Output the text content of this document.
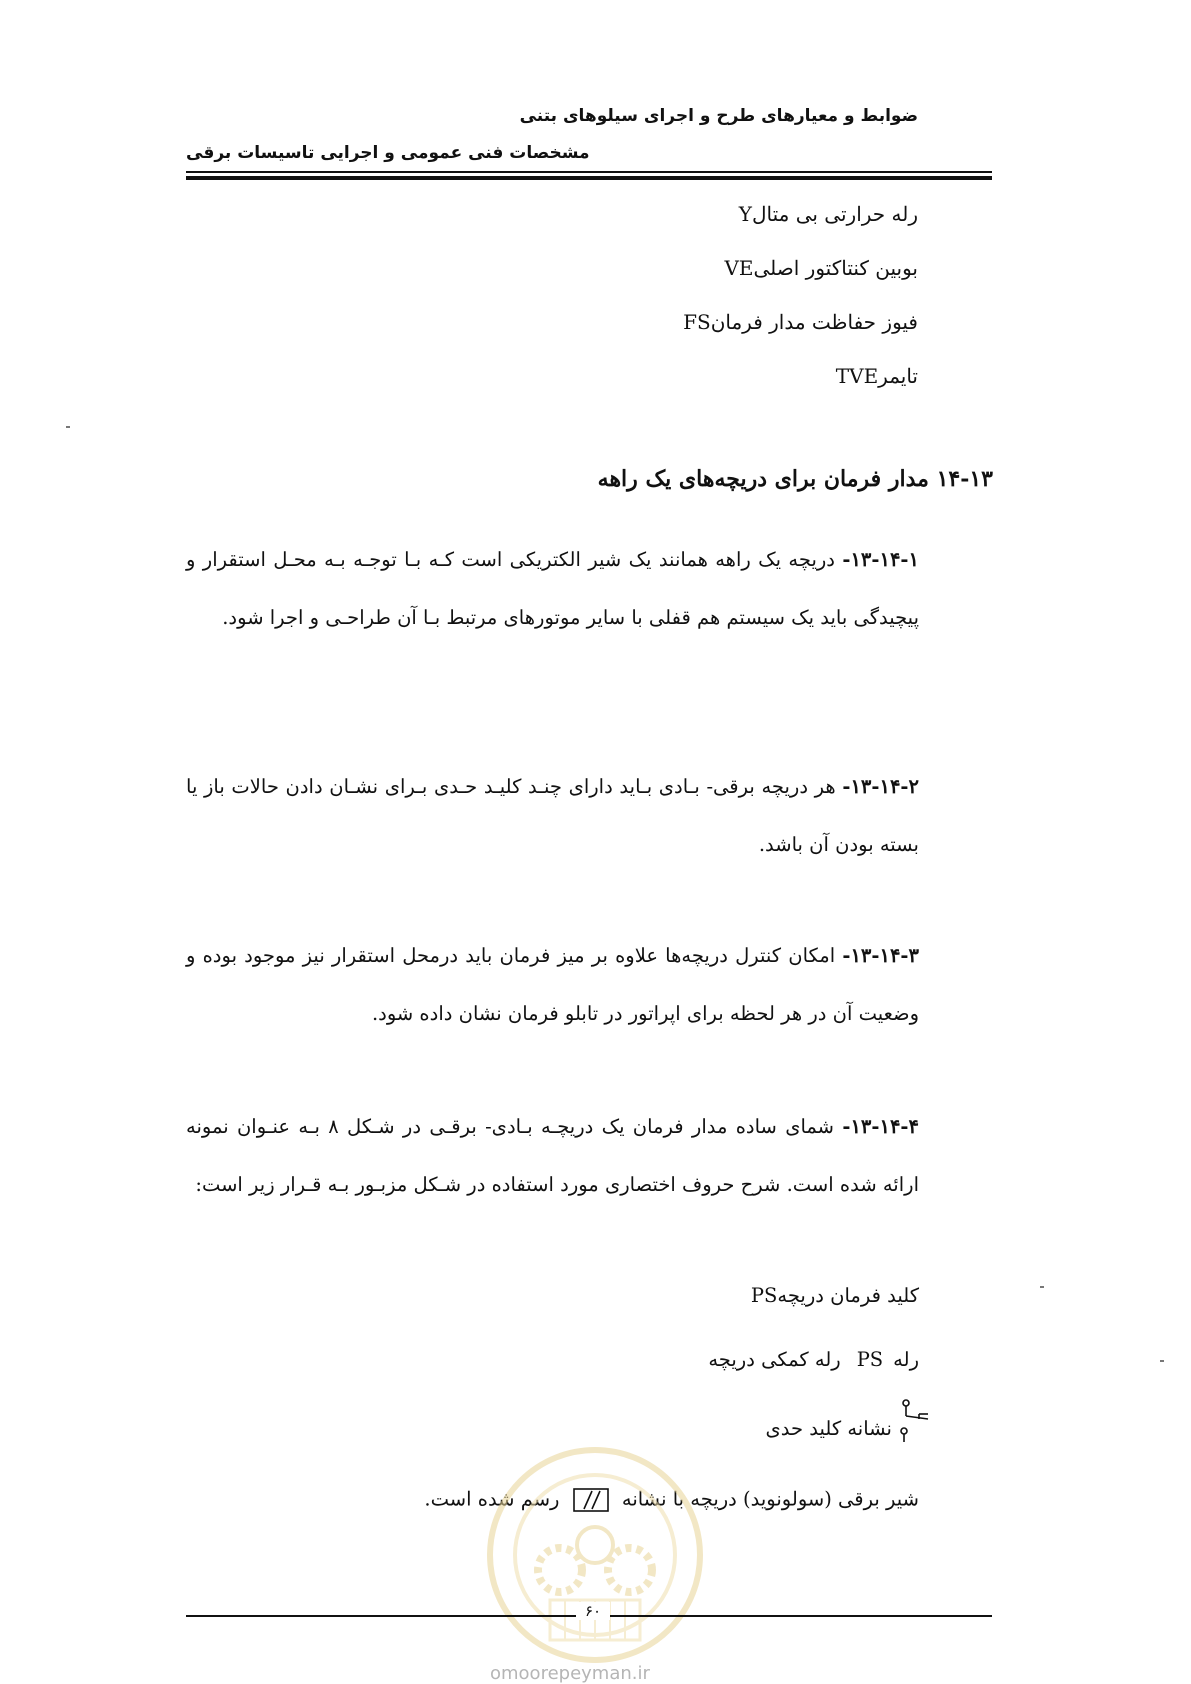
ضوابط و معیارهای طرح و اجرای سیلوهای بتنی
مشخصات فنی عمومی و اجرایی تاسیسات برقی
Yرله حرارتی بی متال
VEبوبین کنتاکتور اصلی
FSفیوز حفاظت مدار فرمان
TVEتایمر
۱۴-۱۳ مدار فرمان برای دریچه‌های یک راهه
۱۳-۱۴-۱- دریچه یک راهه همانند یک شیر الکتریکی است کـه بـا توجـه بـه محـل استقرار و پیچیدگی باید یک سیستم هم قفلی با سایر موتورهای مرتبط بـا آن طراحـی و اجرا شود.
۱۳-۱۴-۲- هر دریچه برقی- بـادی بـاید دارای چنـد کلیـد حـدی بـرای نشـان دادن حالات باز یا بسته بودن آن باشد.
۱۳-۱۴-۳- امکان کنترل دریچه‌ها علاوه بر میز فرمان باید درمحل استقرار نیز موجود بوده و وضعیت آن در هر لحظه برای اپراتور در تابلو فرمان نشان داده شود.
۱۳-۱۴-۴- شمای ساده مدار فرمان یک دریچـه بـادی- برقـی در شـکل ۸ بـه عنـوان نمونه ارائه شده است. شرح حروف اختصاری مورد استفاده در شـکل مزبـور بـه قـرار زیر است:
PSکلید فرمان دریچه
رلهPSرله کمکی دریچه
نشانه کلید حدی
شیر برقی (سولونوید) دریچه با نشانه  رسم شده است.
۶۰
omoorepeyman.ir
